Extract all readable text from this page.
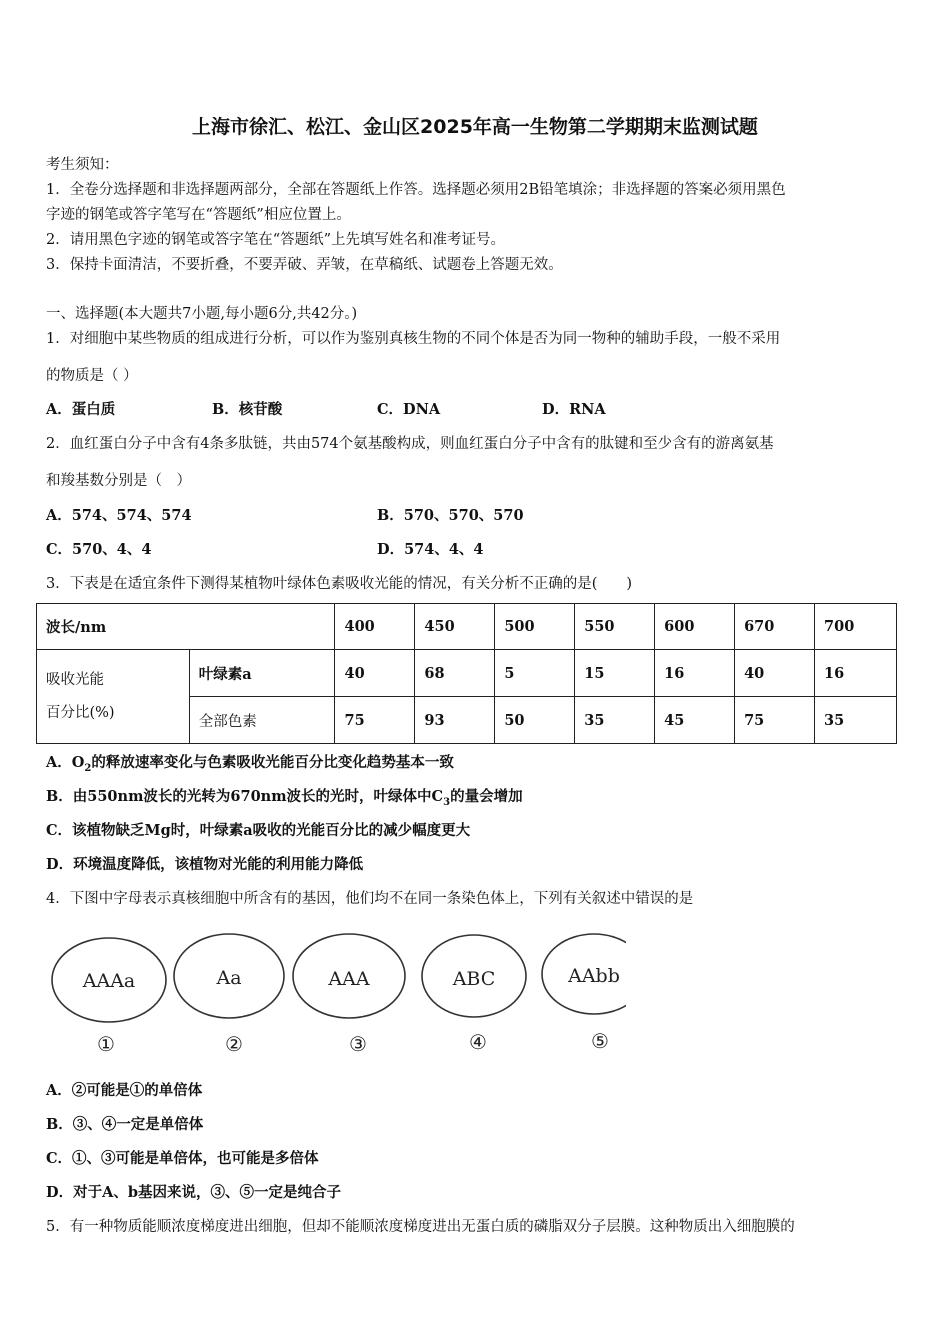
上海市徐汇、松江、金山区2025年高一生物第二学期期末监测试题
考生须知：
1．全卷分选择题和非选择题两部分，全部在答题纸上作答。选择题必须用2B铅笔填涂；非选择题的答案必须用黑色
字迹的钢笔或答字笔写在“答题纸”相应位置上。
2．请用黑色字迹的钢笔或答字笔在“答题纸”上先填写姓名和准考证号。
3．保持卡面清洁，不要折叠，不要弄破、弄皱，在草稿纸、试题卷上答题无效。
一、选择题(本大题共7小题,每小题6分,共42分。)
1．对细胞中某些物质的组成进行分析，可以作为鉴别真核生物的不同个体是否为同一物种的辅助手段，一般不采用
的物质是（ ）
A．蛋白质	B．核苷酸	C．DNA	D．RNA
2．血红蛋白分子中含有4条多肽链，共由574个氨基酸构成，则血红蛋白分子中含有的肽键和至少含有的游离氨基
和羧基数分别是（　）
A．574、574、574	B．570、570、570
C．570、4、4	D．574、4、4
3．下表是在适宜条件下测得某植物叶绿体色素吸收光能的情况，有关分析不正确的是(　　)
波长/nm		400	450	500	550	600	670	700

吸收光能
百分比(%)	叶绿素a	40	68	5	15	16	40	16
	全部色素	75	93	50	35	45	75	35
A．$O_2$的释放速率变化与色素吸收光能百分比变化趋势基本一致
B．由550nm波长的光转为670nm波长的光时，叶绿体中$C_3$的量会增加
C．该植物缺乏Mg时，叶绿素a吸收的光能百分比的减少幅度更大
D．环境温度降低，该植物对光能的利用能力降低
4．下图中字母表示真核细胞中所含有的基因，他们均不在同一条染色体上，下列有关叙述中错误的是
AAAa
①
Aa
②
AAA
③
ABC
④
AAbb
⑤
A．②可能是①的单倍体
B．③、④一定是单倍体
C．①、③可能是单倍体，也可能是多倍体
D．对于A、b基因来说，③、⑤一定是纯合子
5．有一种物质能顺浓度梯度进出细胞，但却不能顺浓度梯度进出无蛋白质的磷脂双分子层膜。这种物质出入细胞膜的
